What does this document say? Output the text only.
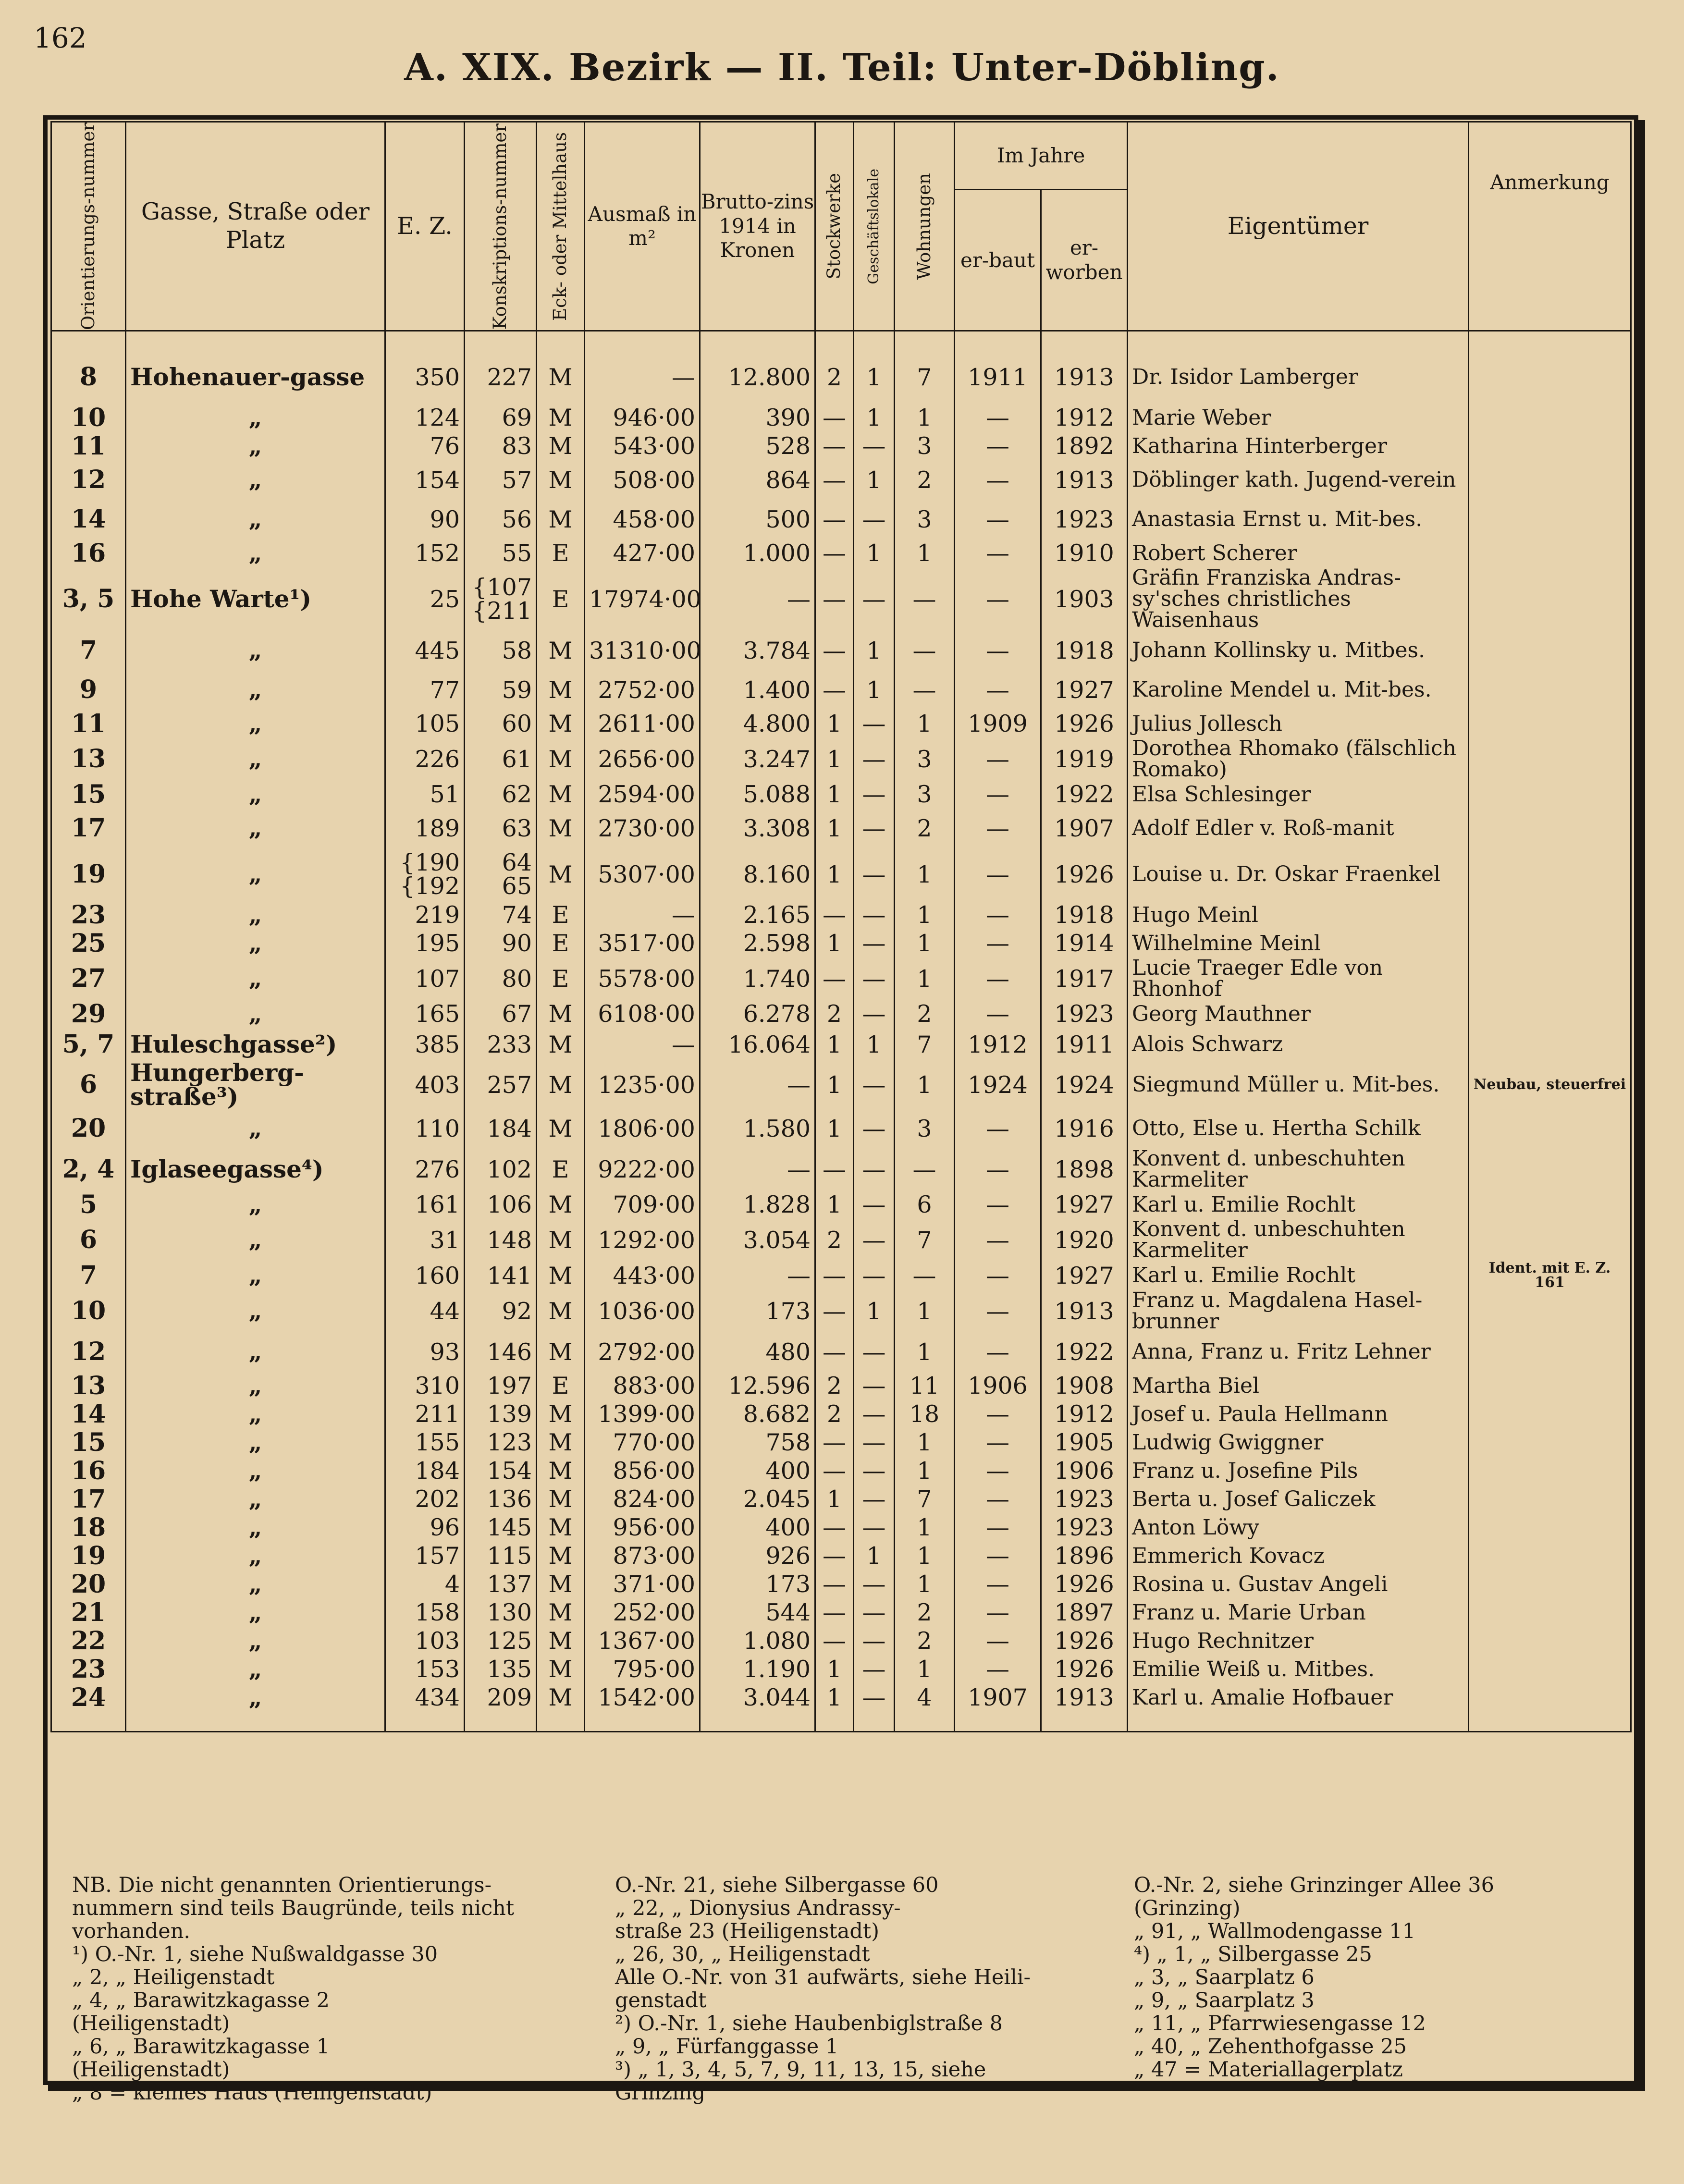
162
A. XIX. Bezirk — II. Teil: Unter-Döbling.
Orientierungs-nummer	Gasse, Straße oder Platz	E. Z.	Konskriptions-nummer	Eck- oder Mittelhaus	Ausmaß in m²	Brutto-zins 1914 in Kronen	Stockwerke	Geschäftslokale	Wohnungen	Im Jahre		Eigentümer	Anmerkung
										er-baut	er-worben		
8	Hohenauer-gasse	350	227	M	—	12.800	2	1	7	1911	1913	Dr. Isidor Lamberger	
10	„	124	69	M	946·00	390	—	1	1	—	1912	Marie Weber	
11	„	76	83	M	543·00	528	—	—	3	—	1892	Katharina Hinterberger	
12	„	154	57	M	508·00	864	—	1	2	—	1913	Döblinger kath. Jugend-verein	
14	„	90	56	M	458·00	500	—	—	3	—	1923	Anastasia Ernst u. Mit-bes.	
16	„	152	55	E	427·00	1.000	—	1	1	—	1910	Robert Scherer	
3, 5	Hohe Warte¹)	25	{107 {211	E	17974·00	—	—	—	—	—	1903	Gräfin Franziska Andras-sy'sches christliches Waisenhaus	
7	„	445	58	M	31310·00	3.784	—	1	—	—	1918	Johann Kollinsky u. Mitbes.	
9	„	77	59	M	2752·00	1.400	—	1	—	—	1927	Karoline Mendel u. Mit-bes.	
11	„	105	60	M	2611·00	4.800	1	—	1	1909	1926	Julius Jollesch	
13	„	226	61	M	2656·00	3.247	1	—	3	—	1919	Dorothea Rhomako (fälschlich Romako)	
15	„	51	62	M	2594·00	5.088	1	—	3	—	1922	Elsa Schlesinger	
17	„	189	63	M	2730·00	3.308	1	—	2	—	1907	Adolf Edler v. Roß-manit	
19	„	{190 {192	64 65	M	5307·00	8.160	1	—	1	—	1926	Louise u. Dr. Oskar Fraenkel	
23	„	219	74	E	—	2.165	—	—	1	—	1918	Hugo Meinl	
25	„	195	90	E	3517·00	2.598	1	—	1	—	1914	Wilhelmine Meinl	
27	„	107	80	E	5578·00	1.740	—	—	1	—	1917	Lucie Traeger Edle von Rhonhof	
29	„	165	67	M	6108·00	6.278	2	—	2	—	1923	Georg Mauthner	
5, 7	Huleschgasse²)	385	233	M	—	16.064	1	1	7	1912	1911	Alois Schwarz	
6	Hungerberg-straße³)	403	257	M	1235·00	—	1	—	1	1924	1924	Siegmund Müller u. Mit-bes.	Neubau, steuerfrei
20	„	110	184	M	1806·00	1.580	1	—	3	—	1916	Otto, Else u. Hertha Schilk	
2, 4	Iglaseegasse⁴)	276	102	E	9222·00	—	—	—	—	—	1898	Konvent d. unbeschuhten Karmeliter	
5	„	161	106	M	709·00	1.828	1	—	6	—	1927	Karl u. Emilie Rochlt	
6	„	31	148	M	1292·00	3.054	2	—	7	—	1920	Konvent d. unbeschuhten Karmeliter	
7	„	160	141	M	443·00	—	—	—	—	—	1927	Karl u. Emilie Rochlt	Ident. mit E. Z. 161
10	„	44	92	M	1036·00	173	—	1	1	—	1913	Franz u. Magdalena Hasel-brunner	
12	„	93	146	M	2792·00	480	—	—	1	—	1922	Anna, Franz u. Fritz Lehner	
13	„	310	197	E	883·00	12.596	2	—	11	1906	1908	Martha Biel	
14	„	211	139	M	1399·00	8.682	2	—	18	—	1912	Josef u. Paula Hellmann	
15	„	155	123	M	770·00	758	—	—	1	—	1905	Ludwig Gwiggner	
16	„	184	154	M	856·00	400	—	—	1	—	1906	Franz u. Josefine Pils	
17	„	202	136	M	824·00	2.045	1	—	7	—	1923	Berta u. Josef Galiczek	
18	„	96	145	M	956·00	400	—	—	1	—	1923	Anton Löwy	
19	„	157	115	M	873·00	926	—	1	1	—	1896	Emmerich Kovacz	
20	„	4	137	M	371·00	173	—	—	1	—	1926	Rosina u. Gustav Angeli	
21	„	158	130	M	252·00	544	—	—	2	—	1897	Franz u. Marie Urban	
22	„	103	125	M	1367·00	1.080	—	—	2	—	1926	Hugo Rechnitzer	
23	„	153	135	M	795·00	1.190	1	—	1	—	1926	Emilie Weiß u. Mitbes.	
24	„	434	209	M	1542·00	3.044	1	—	4	1907	1913	Karl u. Amalie Hofbauer	

NB. Die nicht genannten Orientierungs-
nummern sind teils Baugründe, teils nicht
vorhanden.
¹) O.-Nr. 1, siehe Nußwaldgasse 30
„ 2, „ Heiligenstadt
„ 4, „ Barawitzkagasse 2
(Heiligenstadt)
„ 6, „ Barawitzkagasse 1
(Heiligenstadt)
„ 8 = kleines Haus (Heiligenstadt)
O.-Nr. 21, siehe Silbergasse 60
„ 22, „ Dionysius Andrassy-
straße 23 (Heiligenstadt)
„ 26, 30, „ Heiligenstadt
Alle O.-Nr. von 31 aufwärts, siehe Heili-
genstadt
²) O.-Nr. 1, siehe Haubenbiglstraße 8
„ 9, „ Fürfanggasse 1
³) „ 1, 3, 4, 5, 7, 9, 11, 13, 15, siehe
Grinzing
O.-Nr. 2, siehe Grinzinger Allee 36
(Grinzing)
„ 91, „ Wallmodengasse 11
⁴) „ 1, „ Silbergasse 25
„ 3, „ Saarplatz 6
„ 9, „ Saarplatz 3
„ 11, „ Pfarrwiesengasse 12
„ 40, „ Zehenthofgasse 25
„ 47 = Materiallagerplatz
